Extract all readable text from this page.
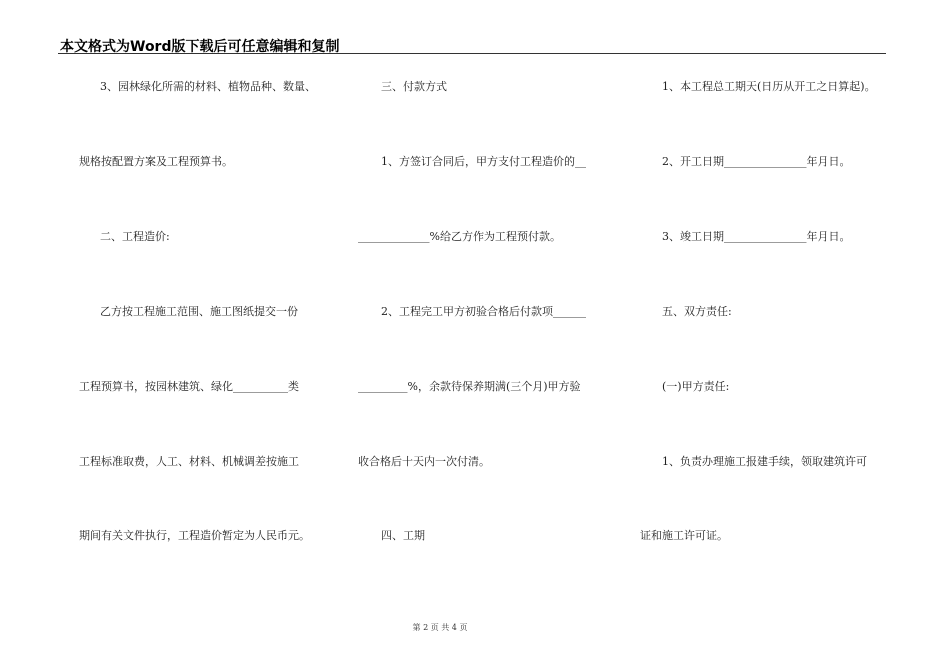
本文格式为Word版下载后可任意编辑和复制
3、园林绿化所需的材料、植物品种、数量、
规格按配置方案及工程预算书。
二、工程造价:
乙方按工程施工范围、施工图纸提交一份
工程预算书，按园林建筑、绿化__________类
工程标准取费，人工、材料、机械调差按施工
期间有关文件执行，工程造价暂定为人民币元。
三、付款方式
1、方签订合同后，甲方支付工程造价的__
_____________%给乙方作为工程预付款。
2、工程完工甲方初验合格后付款项______
_________%，余款待保养期满(三个月)甲方验
收合格后十天内一次付清。
四、工期
1、本工程总工期天(日历从开工之日算起)。
2、开工日期_______________年月日。
3、竣工日期_______________年月日。
五、双方责任:
(一)甲方责任:
1、负责办理施工报建手续，领取建筑许可
证和施工许可证。
第 2 页 共 4 页
